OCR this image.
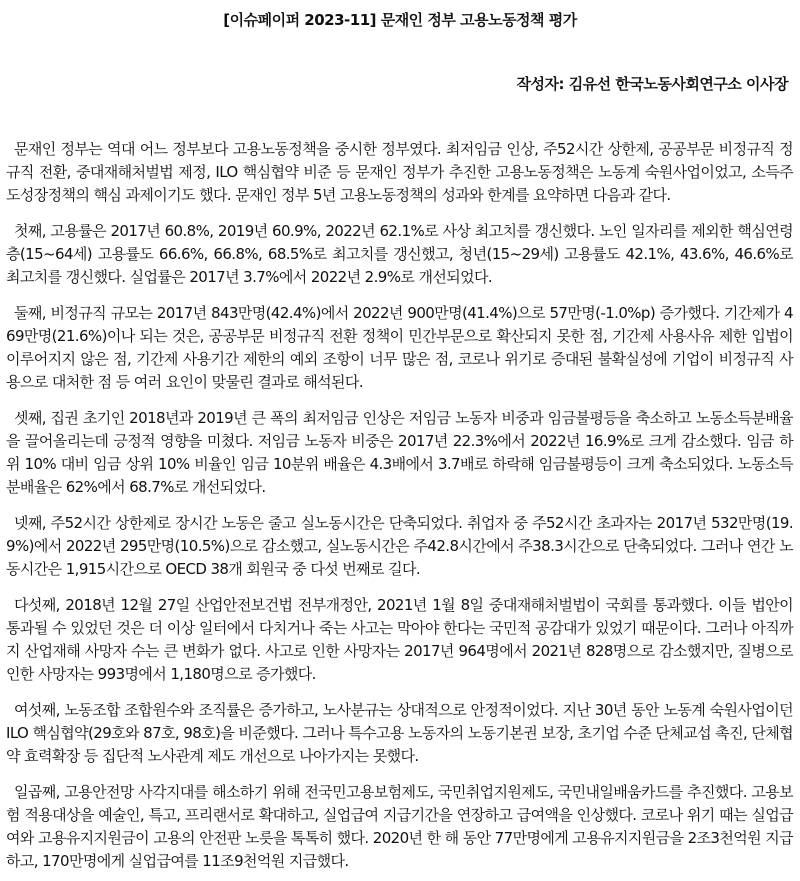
[이슈페이퍼 2023-11] 문재인 정부 고용노동정책 평가
작성자: 김유선 한국노동사회연구소 이사장

문재인 정부는 역대 어느 정부보다 고용노동정책을 중시한 정부였다. 최저임금 인상, 주52시간 상한제, 공공부문 비정규직 정규직 전환, 중대재해처벌법 제정, ILO 핵심협약 비준 등 문재인 정부가 추진한 고용노동정책은 노동계 숙원사업이었고, 소득주도성장정책의 핵심 과제이기도 했다. 문재인 정부 5년 고용노동정책의 성과와 한계를 요약하면 다음과 같다.

첫째, 고용률은 2017년 60.8%, 2019년 60.9%, 2022년 62.1%로 사상 최고치를 갱신했다. 노인 일자리를 제외한 핵심연령층(15~64세) 고용률도 66.6%, 66.8%, 68.5%로 최고치를 갱신했고, 청년(15~29세) 고용률도 42.1%, 43.6%, 46.6%로 최고치를 갱신했다. 실업률은 2017년 3.7%에서 2022년 2.9%로 개선되었다.

둘째, 비정규직 규모는 2017년 843만명(42.4%)에서 2022년 900만명(41.4%)으로 57만명(-1.0%p) 증가했다. 기간제가 469만명(21.6%)이나 되는 것은, 공공부문 비정규직 전환 정책이 민간부문으로 확산되지 못한 점, 기간제 사용사유 제한 입법이 이루어지지 않은 점, 기간제 사용기간 제한의 예외 조항이 너무 많은 점, 코로나 위기로 증대된 불확실성에 기업이 비정규직 사용으로 대처한 점 등 여러 요인이 맞물린 결과로 해석된다.

셋째, 집권 초기인 2018년과 2019년 큰 폭의 최저임금 인상은 저임금 노동자 비중과 임금불평등을 축소하고 노동소득분배율을 끌어올리는데 긍정적 영향을 미쳤다. 저임금 노동자 비중은 2017년 22.3%에서 2022년 16.9%로 크게 감소했다. 임금 하위 10% 대비 임금 상위 10% 비율인 임금 10분위 배율은 4.3배에서 3.7배로 하락해 임금불평등이 크게 축소되었다. 노동소득분배율은 62%에서 68.7%로 개선되었다.

넷째, 주52시간 상한제로 장시간 노동은 줄고 실노동시간은 단축되었다. 취업자 중 주52시간 초과자는 2017년 532만명(19.9%)에서 2022년 295만명(10.5%)으로 감소했고, 실노동시간은 주42.8시간에서 주38.3시간으로 단축되었다. 그러나 연간 노동시간은 1,915시간으로 OECD 38개 회원국 중 다섯 번째로 길다.

다섯째, 2018년 12월 27일 산업안전보건법 전부개정안, 2021년 1월 8일 중대재해처벌법이 국회를 통과했다. 이들 법안이 통과될 수 있었던 것은 더 이상 일터에서 다치거나 죽는 사고는 막아야 한다는 국민적 공감대가 있었기 때문이다. 그러나 아직까지 산업재해 사망자 수는 큰 변화가 없다. 사고로 인한 사망자는 2017년 964명에서 2021년 828명으로 감소했지만, 질병으로 인한 사망자는 993명에서 1,180명으로 증가했다.

여섯째, 노동조합 조합원수와 조직률은 증가하고, 노사분규는 상대적으로 안정적이었다. 지난 30년 동안 노동계 숙원사업이던 ILO 핵심협약(29호와 87호, 98호)을 비준했다. 그러나 특수고용 노동자의 노동기본권 보장, 초기업 수준 단체교섭 촉진, 단체협약 효력확장 등 집단적 노사관계 제도 개선으로 나아가지는 못했다.

일곱째, 고용안전망 사각지대를 해소하기 위해 전국민고용보험제도, 국민취업지원제도, 국민내일배움카드를 추진했다. 고용보험 적용대상을 예술인, 특고, 프리랜서로 확대하고, 실업급여 지급기간을 연장하고 급여액을 인상했다. 코로나 위기 때는 실업급여와 고용유지지원금이 고용의 안전판 노릇을 톡톡히 했다. 2020년 한 해 동안 77만명에게 고용유지지원금을 2조3천억원 지급하고, 170만명에게 실업급여를 11조9천억원 지급했다.
